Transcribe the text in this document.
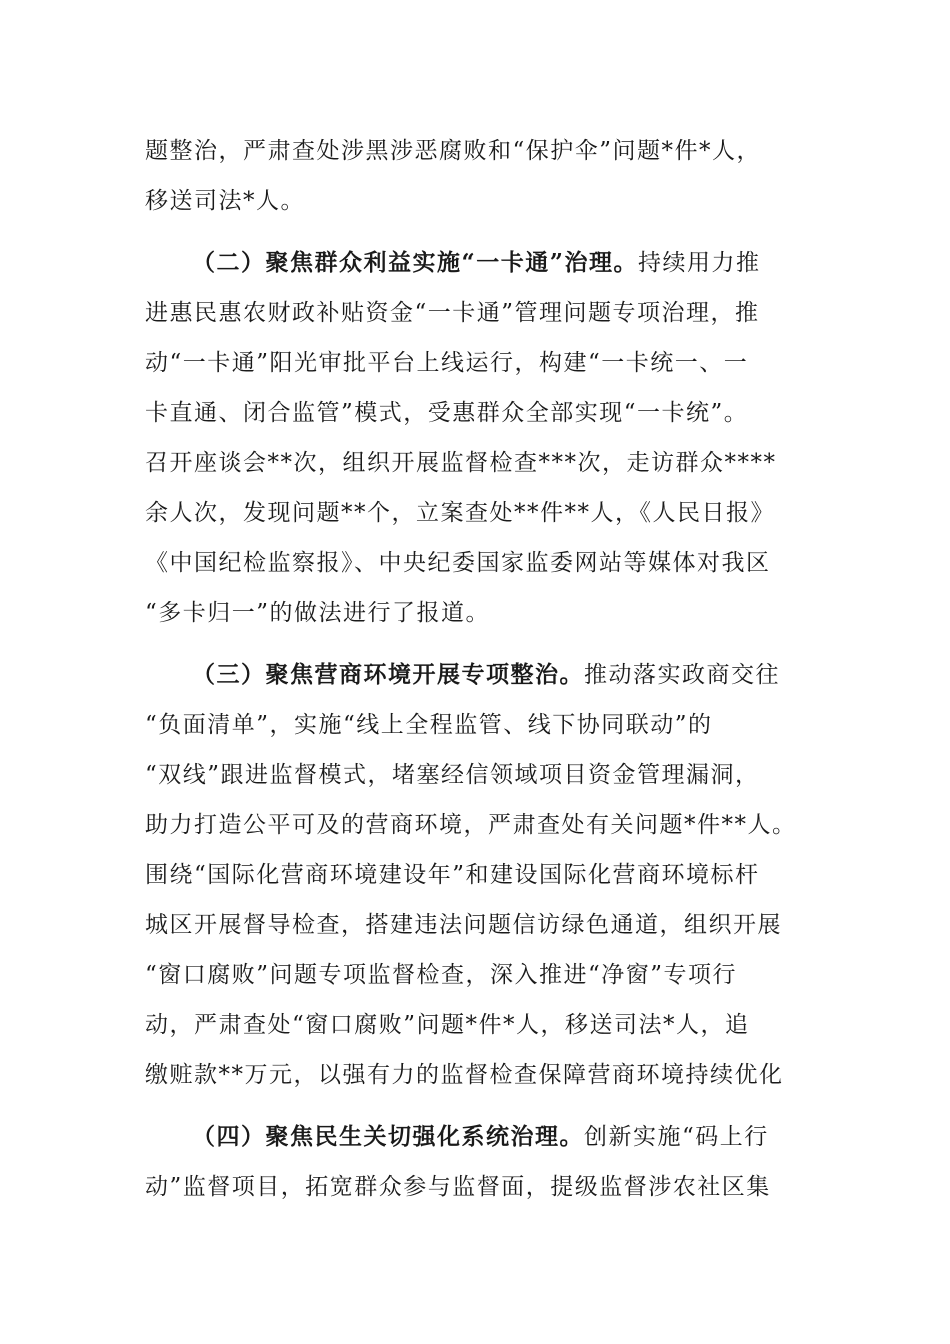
题整治，严肃查处涉黑涉恶腐败和“保护伞”问题*件*人，
移送司法*人。
（二）聚焦群众利益实施“一卡通”治理。持续用力推
进惠民惠农财政补贴资金“一卡通”管理问题专项治理，推
动“一卡通”阳光审批平台上线运行，构建“一卡统一、一
卡直通、闭合监管”模式，受惠群众全部实现“一卡统”。
召开座谈会**次，组织开展监督检查***次，走访群众****
余人次，发现问题**个，立案查处**件**人，《人民日报》
《中国纪检监察报》、中央纪委国家监委网站等媒体对我区
“多卡归一”的做法进行了报道。
（三）聚焦营商环境开展专项整治。推动落实政商交往
“负面清单”，实施“线上全程监管、线下协同联动”的
“双线”跟进监督模式，堵塞经信领域项目资金管理漏洞，
助力打造公平可及的营商环境，严肃查处有关问题*件**人。
围绕“国际化营商环境建设年”和建设国际化营商环境标杆
城区开展督导检查，搭建违法问题信访绿色通道，组织开展
“窗口腐败”问题专项监督检查，深入推进“净窗”专项行
动，严肃查处“窗口腐败”问题*件*人，移送司法*人，追
缴赃款**万元，以强有力的监督检查保障营商环境持续优化
（四）聚焦民生关切强化系统治理。创新实施“码上行
动”监督项目，拓宽群众参与监督面，提级监督涉农社区集
